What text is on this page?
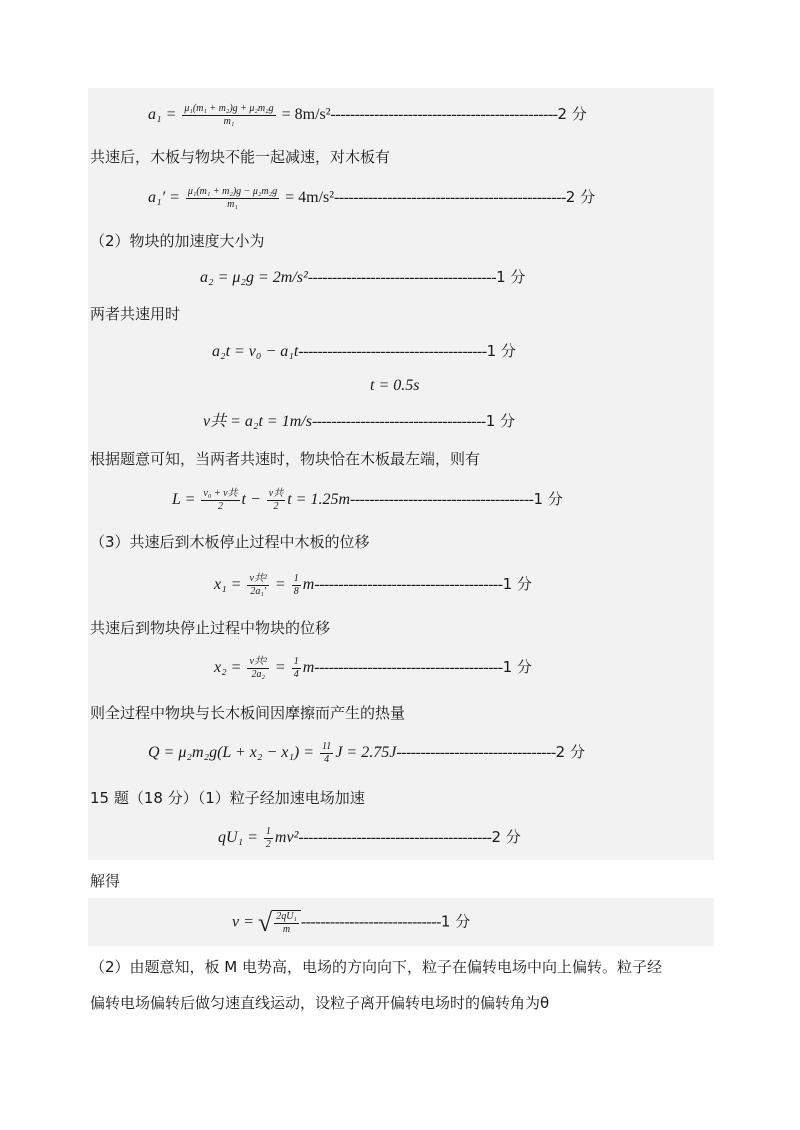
$a_1 = \frac{\text{μ₁(m₁ + m₂)g + μ₂m₂g}}{\text{m₁}} = 8m/s^2-----------------------------------------------2$ 分
共速后，木板与物块不能一起减速，对木板有
$a_1' = \frac{\text{μ₁(m₁ + m₂)g − μ₂m₂g}}{\text{m₁}} = 4m/s^2------------------------------------------------2$ 分
（2）物块的加速度大小为
a₂ = μ₂g = 2m/s²---------------------------------------1 分
两者共速用时
a₂t = v₀ − a₁t---------------------------------------1 分
t = 0.5s
v共 = a₂t = 1m/s------------------------------------1 分
根据题意可知，当两者共速时，物块恰在木板最左端，则有
$L = \frac{\text{v₀ + v共}}{2}$ $t - \frac{\text{v共}}{2}$ t = 1.25m--------------------------------------1 分
（3）共速后到木板停止过程中木板的位移
$x_1 = \frac{\text{v共²}}{\text{2a₁′}} = \frac{1}{8} m---------------------------------------1$ 分
共速后到物块停止过程中物块的位移
$x_2 = \frac{\text{v共²}}{\text{2a₂}} = \frac{1}{4} m---------------------------------------1$ 分
则全过程中物块与长木板间因摩擦而产生的热量
$Q = \mu_2m_2g(L + x_2 - x_1) = \frac{11}{4}$ J = 2.75J---------------------------------2 分
15 题（18 分）（1）粒子经加速电场加速
$qU_1 = \frac{1}{2} mv^2----------------------------------------2$ 分
解得
v = √ $\frac{\text{2qU₁}}{m} -----------------------------1$ 分
（2）由题意知，板 M 电势高，电场的方向向下，粒子在偏转电场中向上偏转。粒子经
偏转电场偏转后做匀速直线运动，设粒子离开偏转电场时的偏转角为θ
